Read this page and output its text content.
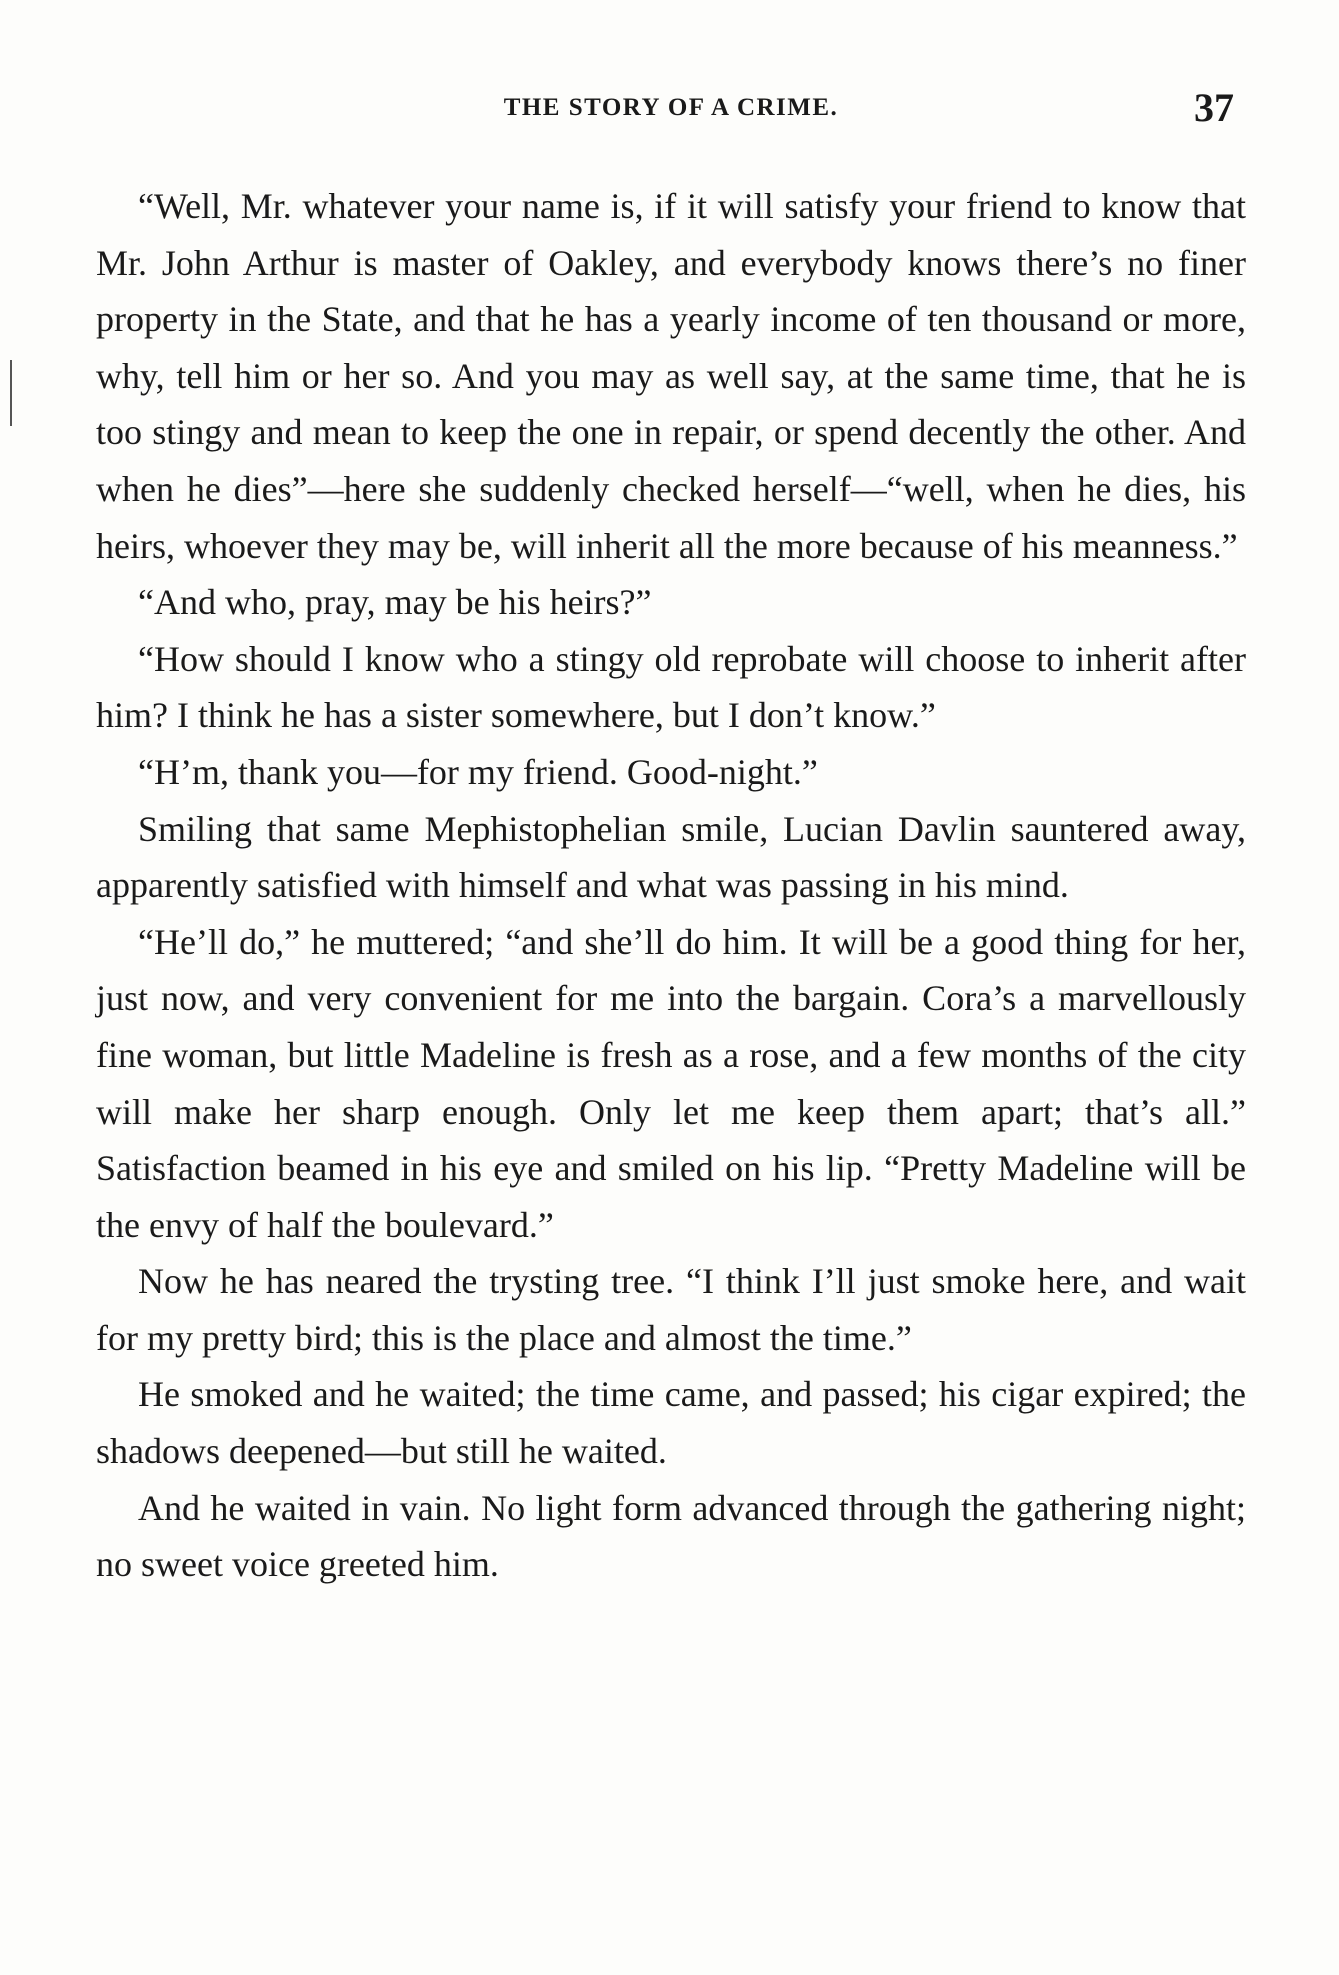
THE STORY OF A CRIME.	37

“Well, Mr. whatever your name is, if it will satisfy your friend to know that Mr. John Arthur is master of Oakley, and everybody knows there’s no finer property in the State, and that he has a yearly income of ten thousand or more, why, tell him or her so. And you may as well say, at the same time, that he is too stingy and mean to keep the one in repair, or spend decently the other. And when he dies”—here she suddenly checked herself—“well, when he dies, his heirs, whoever they may be, will inherit all the more because of his meanness.”

“And who, pray, may be his heirs?”

“How should I know who a stingy old reprobate will choose to inherit after him? I think he has a sister somewhere, but I don’t know.”

“H’m, thank you—for my friend. Good-night.”

Smiling that same Mephistophelian smile, Lucian Davlin sauntered away, apparently satisfied with himself and what was passing in his mind.

“He’ll do,” he muttered; “and she’ll do him. It will be a good thing for her, just now, and very convenient for me into the bargain. Cora’s a marvellously fine woman, but little Madeline is fresh as a rose, and a few months of the city will make her sharp enough. Only let me keep them apart; that’s all.” Satisfaction beamed in his eye and smiled on his lip. “Pretty Madeline will be the envy of half the boulevard.”

Now he has neared the trysting tree. “I think I’ll just smoke here, and wait for my pretty bird; this is the place and almost the time.”

He smoked and he waited; the time came, and passed; his cigar expired; the shadows deepened—but still he waited.

And he waited in vain. No light form advanced through the gathering night; no sweet voice greeted him.
